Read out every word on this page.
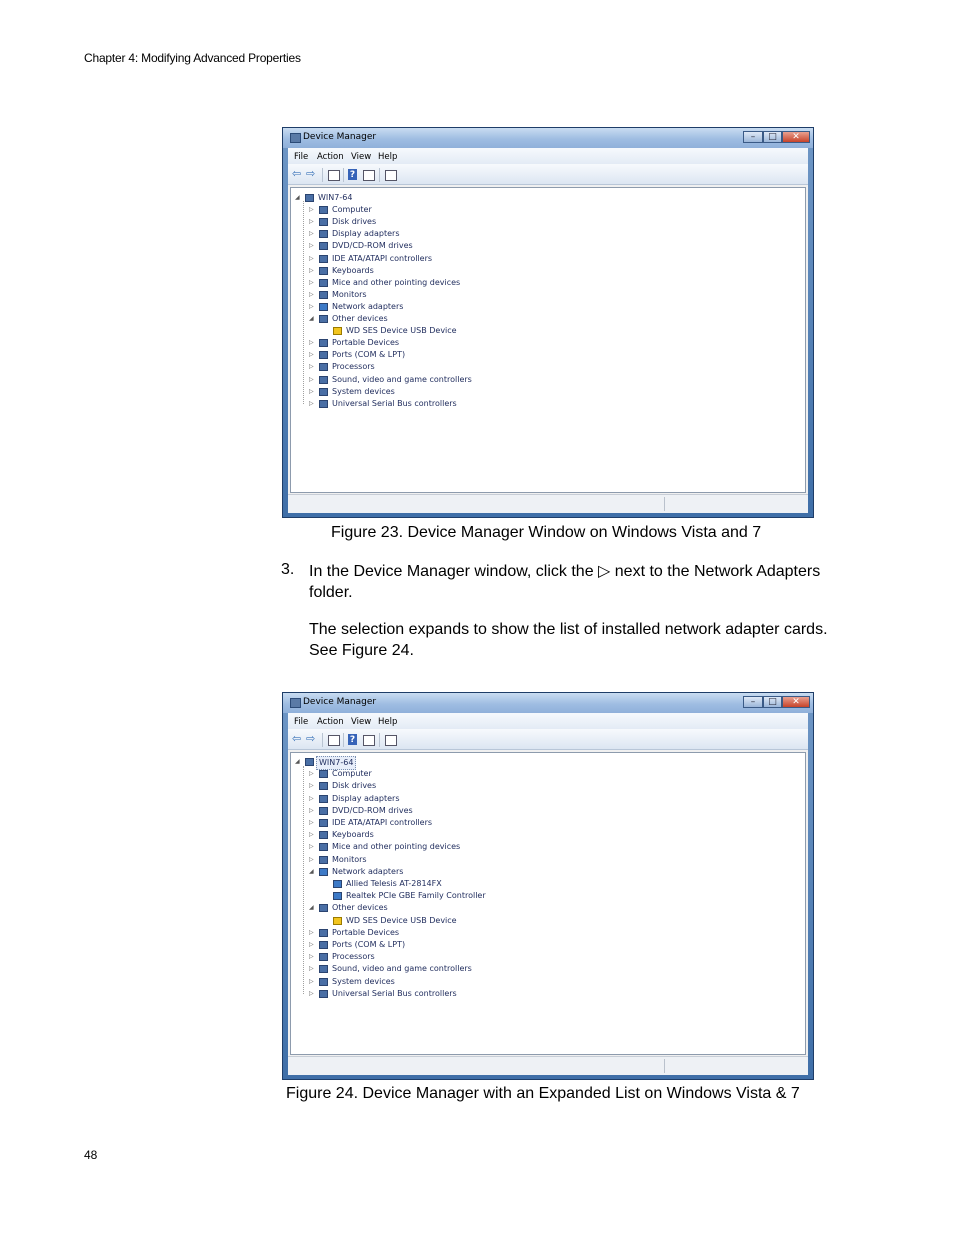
Chapter 4: Modifying Advanced Properties
Device Manager	–	□	✕
File Action View Help
⇦ ⇨	?
◢	WIN7-64
▷	Computer
▷	Disk drives
▷	Display adapters
▷	DVD/CD-ROM drives
▷	IDE ATA/ATAPI controllers
▷	Keyboards
▷	Mice and other pointing devices
▷	Monitors
▷	Network adapters
◢	Other devices
WD SES Device USB Device
▷	Portable Devices
▷	Ports (COM & LPT)
▷	Processors
▷	Sound, video and game controllers
▷	System devices
▷	Universal Serial Bus controllers
Figure 23. Device Manager Window on Windows Vista and 7
3. In the Device Manager window, click the ▷ next to the Network Adapters folder.
The selection expands to show the list of installed network adapter cards. See Figure 24.
Device Manager	–	□	✕
File Action View Help
⇦ ⇨	?
◢	WIN7-64
▷	Computer
▷	Disk drives
▷	Display adapters
▷	DVD/CD-ROM drives
▷	IDE ATA/ATAPI controllers
▷	Keyboards
▷	Mice and other pointing devices
▷	Monitors
◢	Network adapters
Allied Telesis AT-2814FX
Realtek PCIe GBE Family Controller
◢	Other devices
WD SES Device USB Device
▷	Portable Devices
▷	Ports (COM & LPT)
▷	Processors
▷	Sound, video and game controllers
▷	System devices
▷	Universal Serial Bus controllers
Figure 24. Device Manager with an Expanded List on Windows Vista & 7
48
